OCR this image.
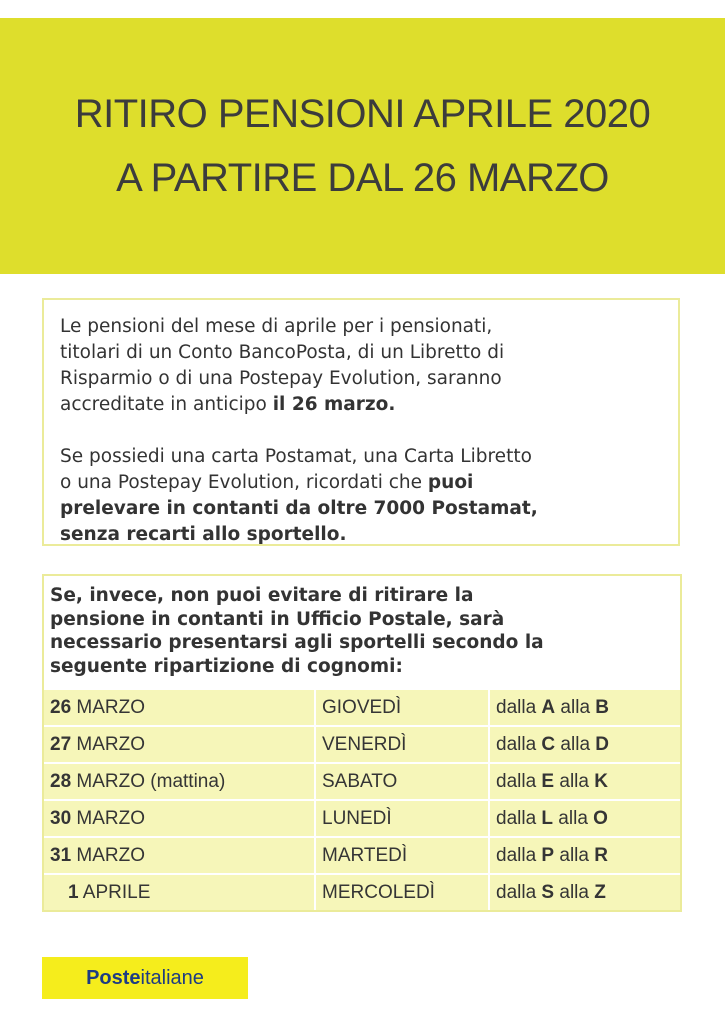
RITIRO PENSIONI APRILE 2020
A PARTIRE DAL 26 MARZO

Le pensioni del mese di aprile per i pensionati,
titolari di un Conto BancoPosta, di un Libretto di
Risparmio o di una Postepay Evolution, saranno
accreditate in anticipo il 26 marzo.

Se possiedi una carta Postamat, una Carta Libretto
o una Postepay Evolution, ricordati che puoi
prelevare in contanti da oltre 7000 Postamat,
senza recarti allo sportello.

Se, invece, non puoi evitare di ritirare la
pensione in contanti in Ufficio Postale, sarà
necessario presentarsi agli sportelli secondo la
seguente ripartizione di cognomi:
26 MARZO	GIOVEDÌ	dalla A alla B
27 MARZO	VENERDÌ	dalla C alla D
28 MARZO (mattina)	SABATO	dalla E alla K
30 MARZO	LUNEDÌ	dalla L alla O
31 MARZO	MARTEDÌ	dalla P alla R
1 APRILE	MERCOLEDÌ	dalla S alla Z
Poste italiane
